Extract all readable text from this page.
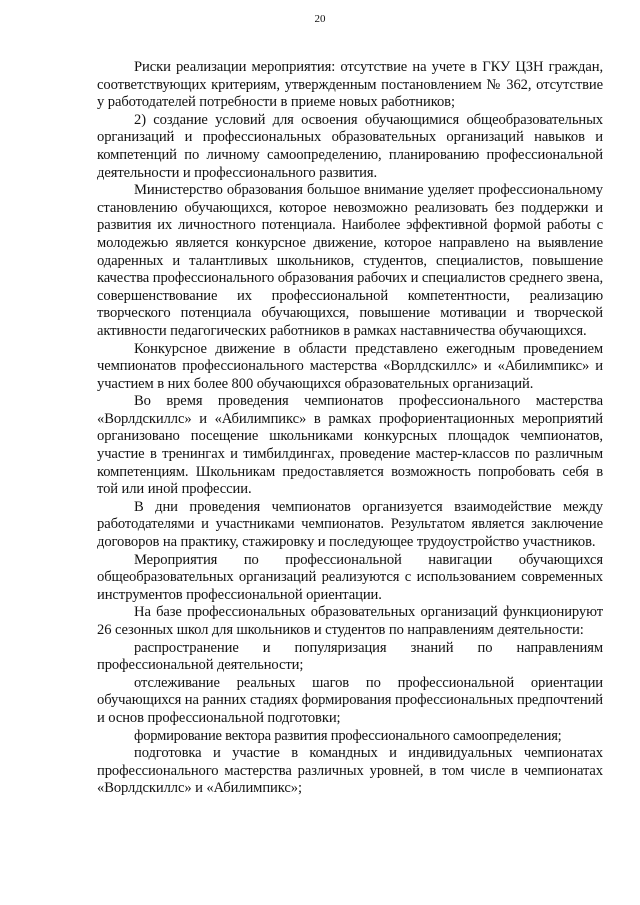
20

Риски реализации мероприятия: отсутствие на учете в ГКУ ЦЗН граждан, соответствующих критериям, утвержденным постановлением № 362, отсутствие у работодателей потребности в приеме новых работников;

2) создание условий для освоения обучающимися общеобразовательных организаций и профессиональных образовательных организаций навыков и компетенций по личному самоопределению, планированию профессиональной деятельности и профессионального развития.

Министерство образования большое внимание уделяет профессиональному становлению обучающихся, которое невозможно реализовать без поддержки и развития их личностного потенциала. Наиболее эффективной формой работы с молодежью является конкурсное движение, которое направлено на выявление одаренных и талантливых школьников, студентов, специалистов, повышение качества профессионального образования рабочих и специалистов среднего звена, совершенствование их профессиональной компетентности, реализацию творческого потенциала обучающихся, повышение мотивации и творческой активности педагогических работников в рамках наставничества обучающихся.

Конкурсное движение в области представлено ежегодным проведением чемпионатов профессионального мастерства «Ворлдскиллс» и «Абилимпикс» и участием в них более 800 обучающихся образовательных организаций.

Во время проведения чемпионатов профессионального мастерства «Ворлдскиллс» и «Абилимпикс» в рамках профориентационных мероприятий организовано посещение школьниками конкурсных площадок чемпионатов, участие в тренингах и тимбилдингах, проведение мастер-классов по различным компетенциям. Школьникам предоставляется возможность попробовать себя в той или иной профессии.

В дни проведения чемпионатов организуется взаимодействие между работодателями и участниками чемпионатов. Результатом является заключение договоров на практику, стажировку и последующее трудоустройство участников.

Мероприятия по профессиональной навигации обучающихся общеобразовательных организаций реализуются с использованием современных инструментов профессиональной ориентации.

На базе профессиональных образовательных организаций функционируют 26 сезонных школ для школьников и студентов по направлениям деятельности:

распространение и популяризация знаний по направлениям профессиональной деятельности;

отслеживание реальных шагов по профессиональной ориентации обучающихся на ранних стадиях формирования профессиональных предпочтений и основ профессиональной подготовки;

формирование вектора развития профессионального самоопределения;

подготовка и участие в командных и индивидуальных чемпионатах профессионального мастерства различных уровней, в том числе в чемпионатах «Ворлдскиллс» и «Абилимпикс»;
